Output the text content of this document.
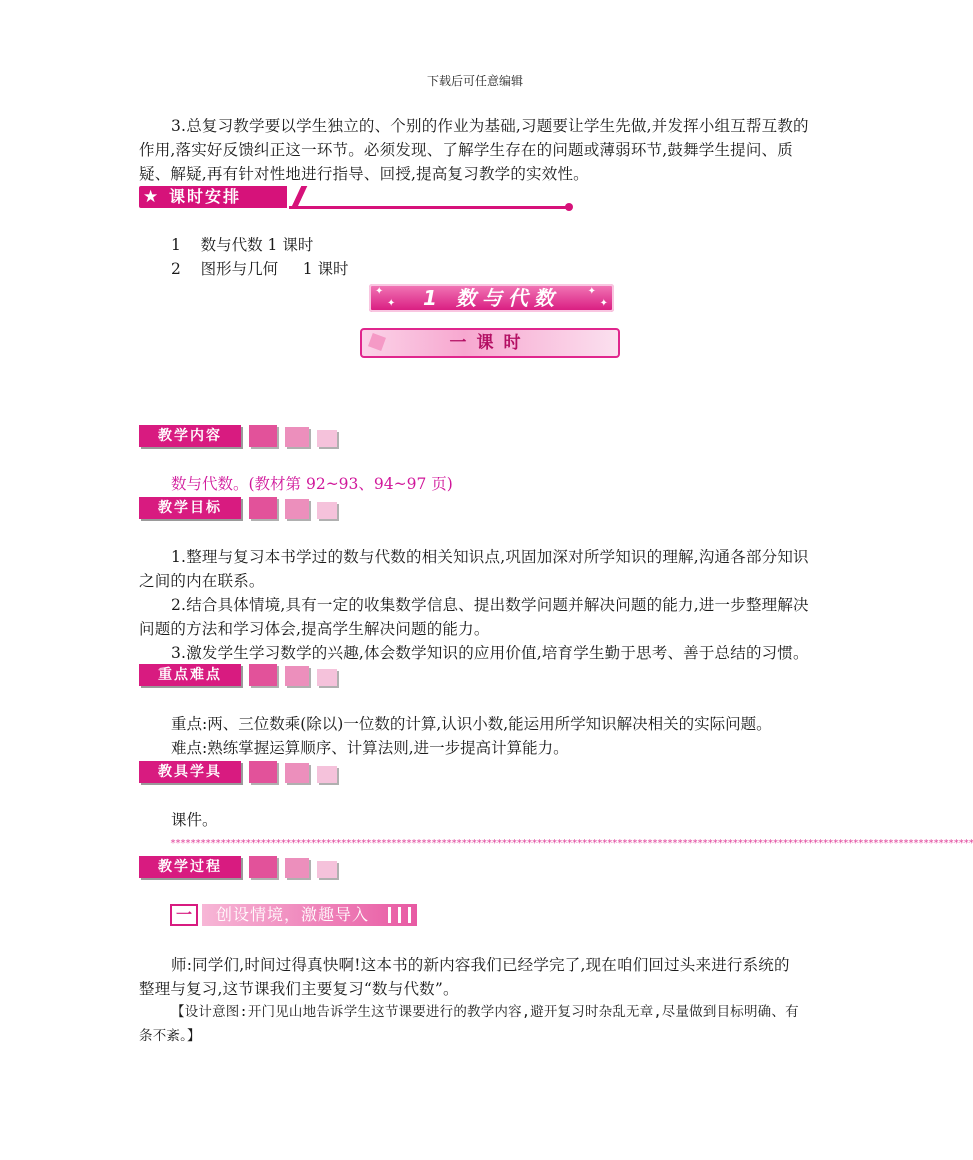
下载后可任意编辑
3.总复习教学要以学生独立的、个别的作业为基础,习题要让学生先做,并发挥小组互帮互教的作用,落实好反馈纠正这一环节。必须发现、了解学生存在的问题或薄弱环节,鼓舞学生提问、质疑、解疑,再有针对性地进行指导、回授,提高复习教学的实效性。
★ 课时安排
1 数与代数 1 课时
2 图形与几何 1 课时
✦
✦ 1 数与代数	✦
✦
一课时
教学内容
数与代数。(教材第 92~93、94~97 页)
教学目标
1.整理与复习本书学过的数与代数的相关知识点,巩固加深对所学知识的理解,沟通各部分知识之间的内在联系。
2.结合具体情境,具有一定的收集数学信息、提出数学问题并解决问题的能力,进一步整理解决问题的方法和学习体会,提高学生解决问题的能力。
3.激发学生学习数学的兴趣,体会数学知识的应用价值,培育学生勤于思考、善于总结的习惯。
重点难点
重点:两、三位数乘(除以)一位数的计算,认识小数,能运用所学知识解决相关的实际问题。
难点:熟练掌握运算顺序、计算法则,进一步提高计算能力。
教具学具
课件。
****************************************************************************************************************************************************************
教学过程
一	创设情境，激趣导入
师:同学们,时间过得真快啊!这本书的新内容我们已经学完了,现在咱们回过头来进行系统的整理与复习,这节课我们主要复习“数与代数”。
【设计意图:开门见山地告诉学生这节课要进行的教学内容,避开复习时杂乱无章,尽量做到目标明确、有条不紊。】
